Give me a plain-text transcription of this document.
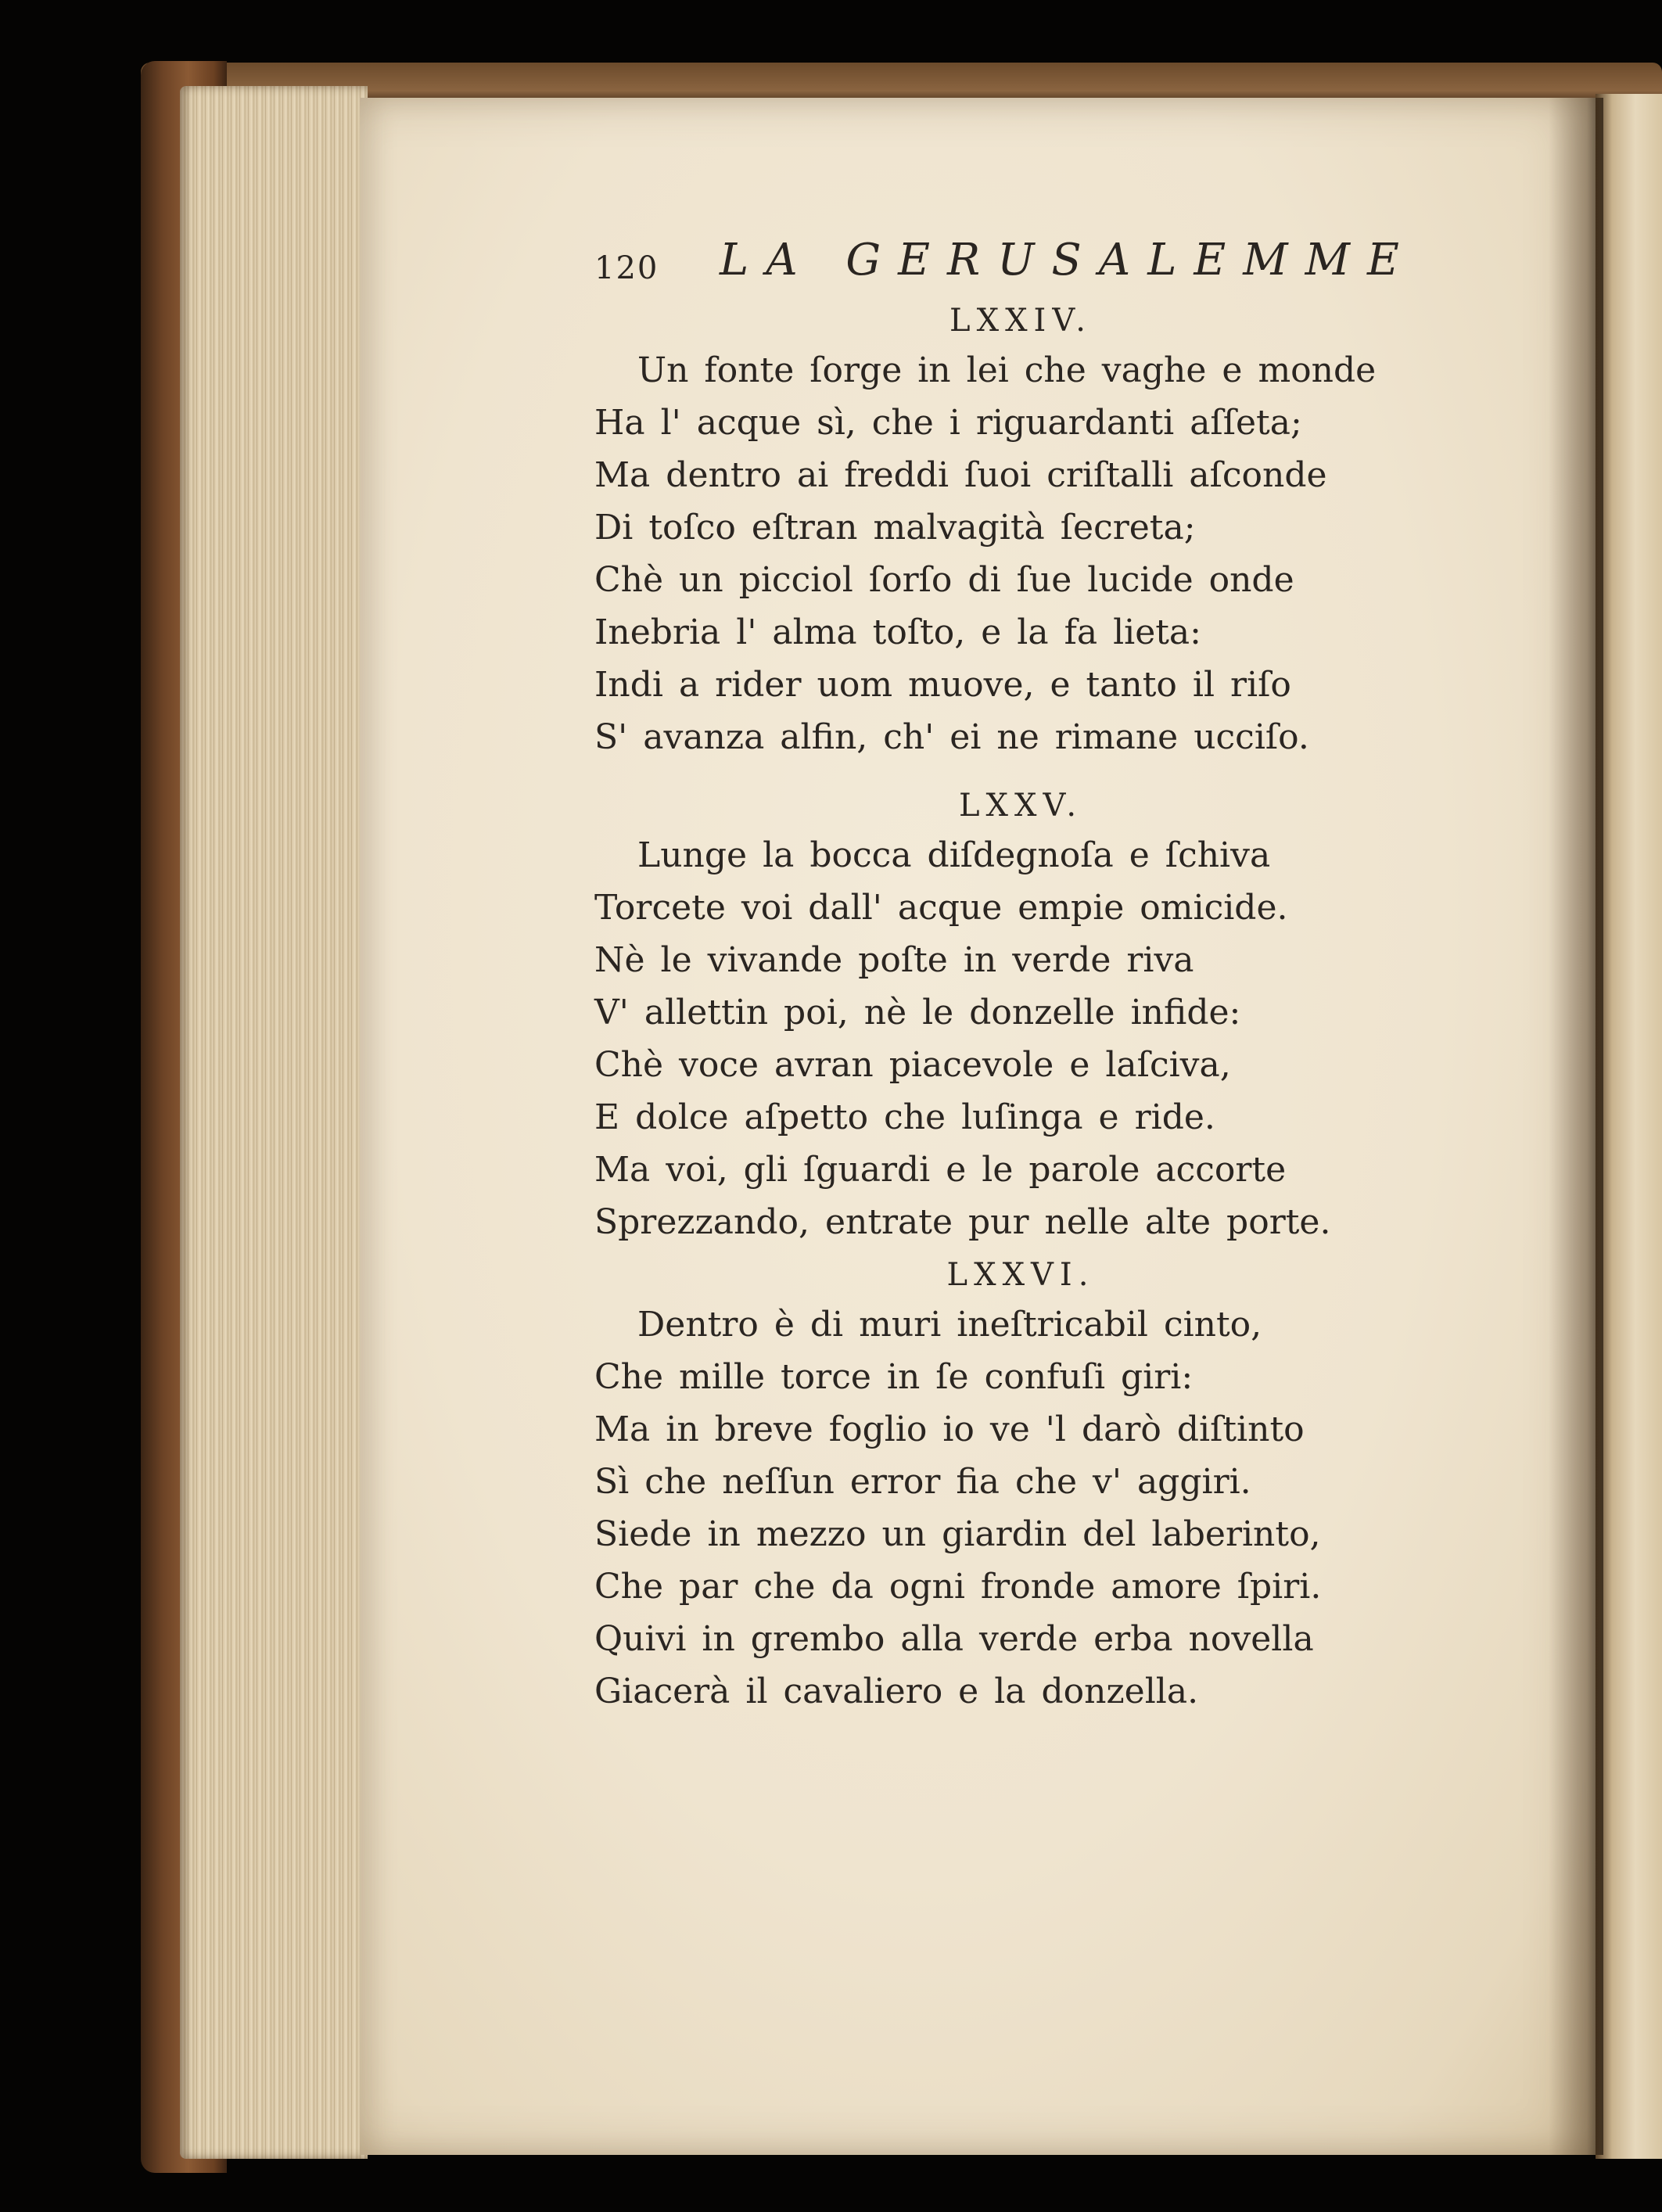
120 LA GERUSALEMME
LXXIV.
Un fonte ſorge in lei che vaghe e monde
Ha l' acque sì, che i riguardanti aſſeta;
Ma dentro ai freddi ſuoi criſtalli aſconde
Di toſco eſtran malvagità ſecreta;
Chè un picciol ſorſo di ſue lucide onde
Inebria l' alma toſto, e la fa lieta:
Indi a rider uom muove, e tanto il riſo
S' avanza alfin, ch' ei ne rimane ucciſo.
LXXV.
Lunge la bocca diſdegnoſa e ſchiva
Torcete voi dall' acque empie omicide.
Nè le vivande poſte in verde riva
V' allettin poi, nè le donzelle infide:
Chè voce avran piacevole e laſciva,
E dolce aſpetto che luſinga e ride.
Ma voi, gli ſguardi e le parole accorte
Sprezzando, entrate pur nelle alte porte.
LXXVI.
Dentro è di muri ineſtricabil cinto,
Che mille torce in ſe confuſi giri:
Ma in breve foglio io ve 'l darò diſtinto
Sì che neſſun error fia che v' aggiri.
Siede in mezzo un giardin del laberinto,
Che par che da ogni fronde amore ſpiri.
Quivi in grembo alla verde erba novella
Giacerà il cavaliero e la donzella.
